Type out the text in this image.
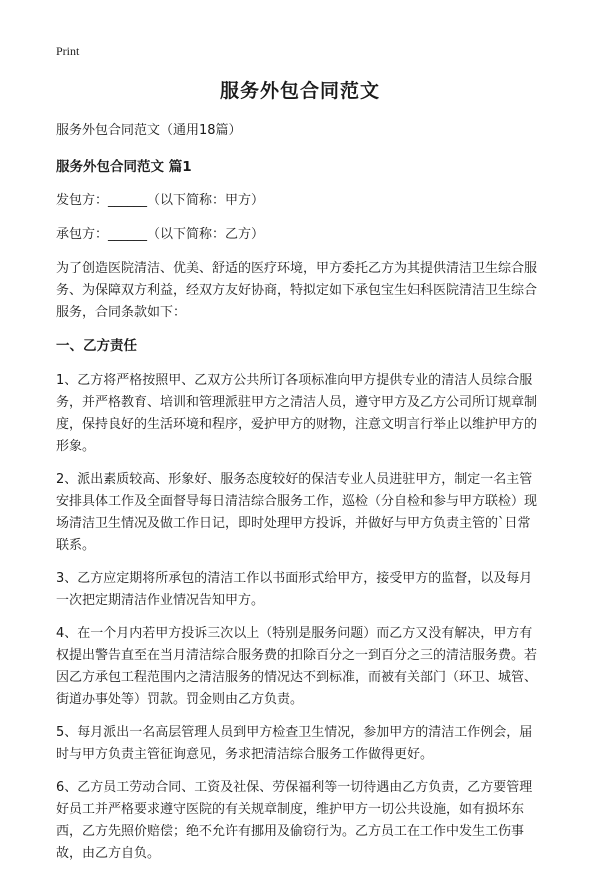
Print
服务外包合同范文

服务外包合同范文（通用18篇）

服务外包合同范文 篇1

发包方：______（以下简称：甲方）

承包方：______（以下简称：乙方）

为了创造医院清洁、优美、舒适的医疗环境，甲方委托乙方为其提供清洁卫生综合服务、为保障双方利益，经双方友好协商，特拟定如下承包宝生妇科医院清洁卫生综合服务，合同条款如下：

一、乙方责任

1、乙方将严格按照甲、乙双方公共所订各项标准向甲方提供专业的清洁人员综合服务，并严格教育、培训和管理派驻甲方之清洁人员，遵守甲方及乙方公司所订规章制度，保持良好的生活环境和程序，爱护甲方的财物，注意文明言行举止以维护甲方的形象。

2、派出素质较高、形象好、服务态度较好的保洁专业人员进驻甲方，制定一名主管安排具体工作及全面督导每日清洁综合服务工作，巡检（分自检和参与甲方联检）现场清洁卫生情况及做工作日记，即时处理甲方投诉，并做好与甲方负责主管的`日常联系。

3、乙方应定期将所承包的清洁工作以书面形式给甲方，接受甲方的监督，以及每月一次把定期清洁作业情况告知甲方。

4、在一个月内若甲方投诉三次以上（特别是服务问题）而乙方又没有解决，甲方有权提出警告直至在当月清洁综合服务费的扣除百分之一到百分之三的清洁服务费。若因乙方承包工程范围内之清洁服务的情况达不到标准，而被有关部门（环卫、城管、街道办事处等）罚款。罚金则由乙方负责。

5、每月派出一名高层管理人员到甲方检查卫生情况，参加甲方的清洁工作例会，届时与甲方负责主管征询意见，务求把清洁综合服务工作做得更好。

6、乙方员工劳动合同、工资及社保、劳保福利等一切待遇由乙方负责，乙方要管理好员工并严格要求遵守医院的有关规章制度，维护甲方一切公共设施，如有损坏东西，乙方先照价赔偿；绝不允许有挪用及偷窃行为。乙方员工在工作中发生工伤事故，由乙方自负。
